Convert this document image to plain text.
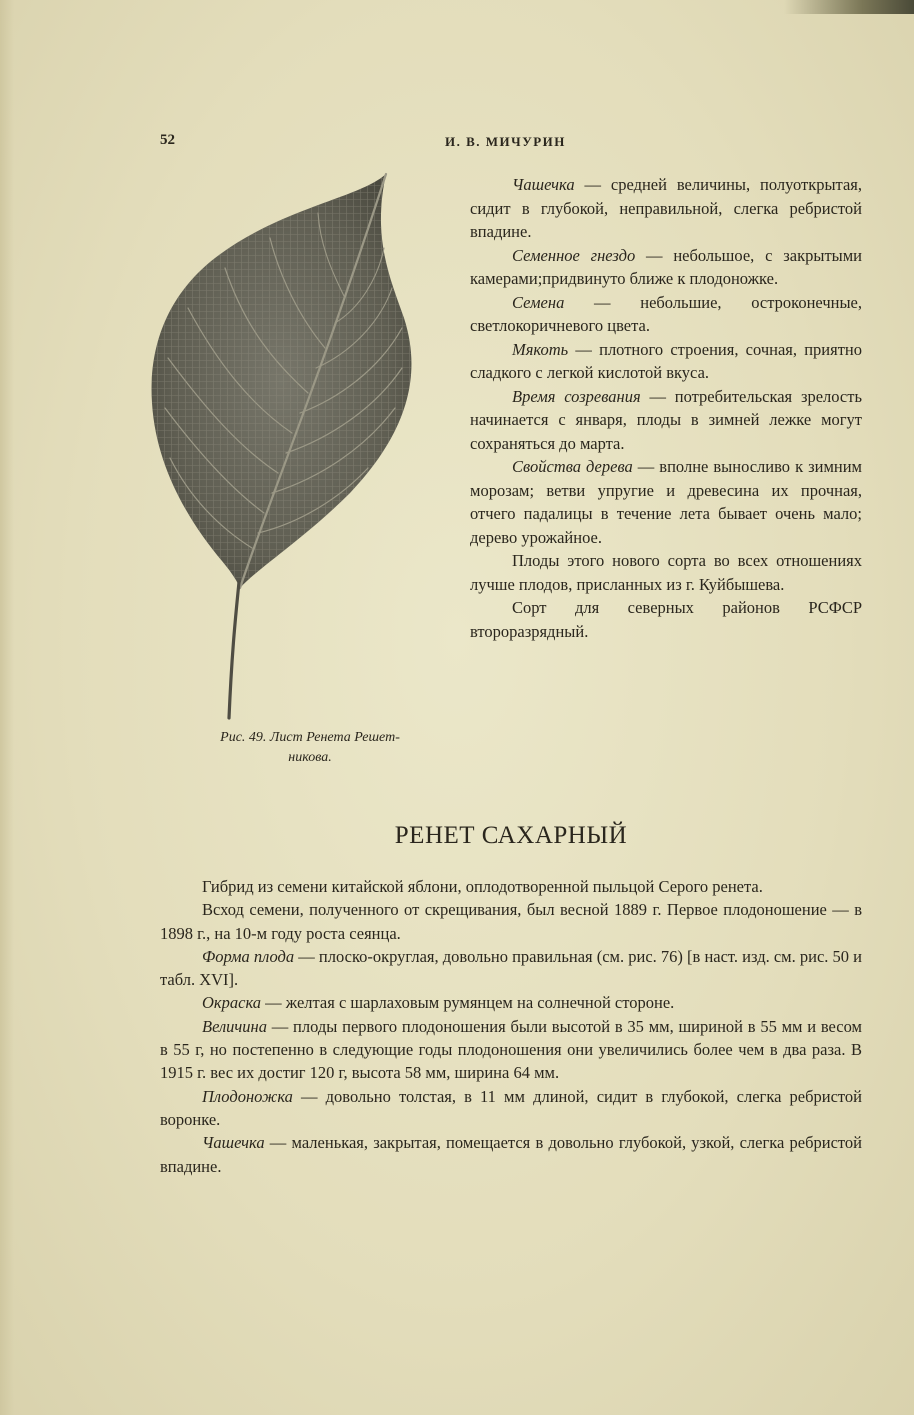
52	И. В. МИЧУРИН
Рис. 49. Лист Ренета Решет-
никова.

Чашечка — средней величины, полуоткрытая, сидит в глубокой, неправильной, слегка ребристой впадине.

Семенное гнездо — небольшое, с закрытыми камерами;придвинуто ближе к плодоножке.

Семена — небольшие, остроконечные, светлокоричневого цвета.

Мякоть — плотного строения, сочная, приятно сладкого с легкой кислотой вкуса.

Время созревания — потребительская зрелость начинается с января, плоды в зимней лежке могут сохраняться до марта.

Свойства дерева — вполне выносливо к зимним морозам; ветви упругие и древесина их прочная, отчего падалицы в течение лета бывает очень мало; дерево урожайное.

Плоды этого нового сорта во всех отношениях лучше плодов, присланных из г. Куйбышева.

Сорт для северных районов РСФСР второразрядный.

РЕНЕТ САХАРНЫЙ

Гибрид из семени китайской яблони, оплодотворенной пыльцой Серого ренета.

Всход семени, полученного от скрещивания, был весной 1889 г. Первое плодоношение — в 1898 г., на 10-м году роста сеянца.

Форма плода — плоско-округлая, довольно правильная (см. рис. 76) [в наст. изд. см. рис. 50 и табл. XVI].

Окраска — желтая с шарлаховым румянцем на солнечной стороне.

Величина — плоды первого плодоношения были высотой в 35 мм, шириной в 55 мм и весом в 55 г, но постепенно в следующие годы плодоношения они увеличились более чем в два раза. В 1915 г. вес их достиг 120 г, высота 58 мм, ширина 64 мм.

Плодоножка — довольно толстая, в 11 мм длиной, сидит в глубокой, слегка ребристой воронке.

Чашечка — маленькая, закрытая, помещается в довольно глубокой, узкой, слегка ребристой впадине.
